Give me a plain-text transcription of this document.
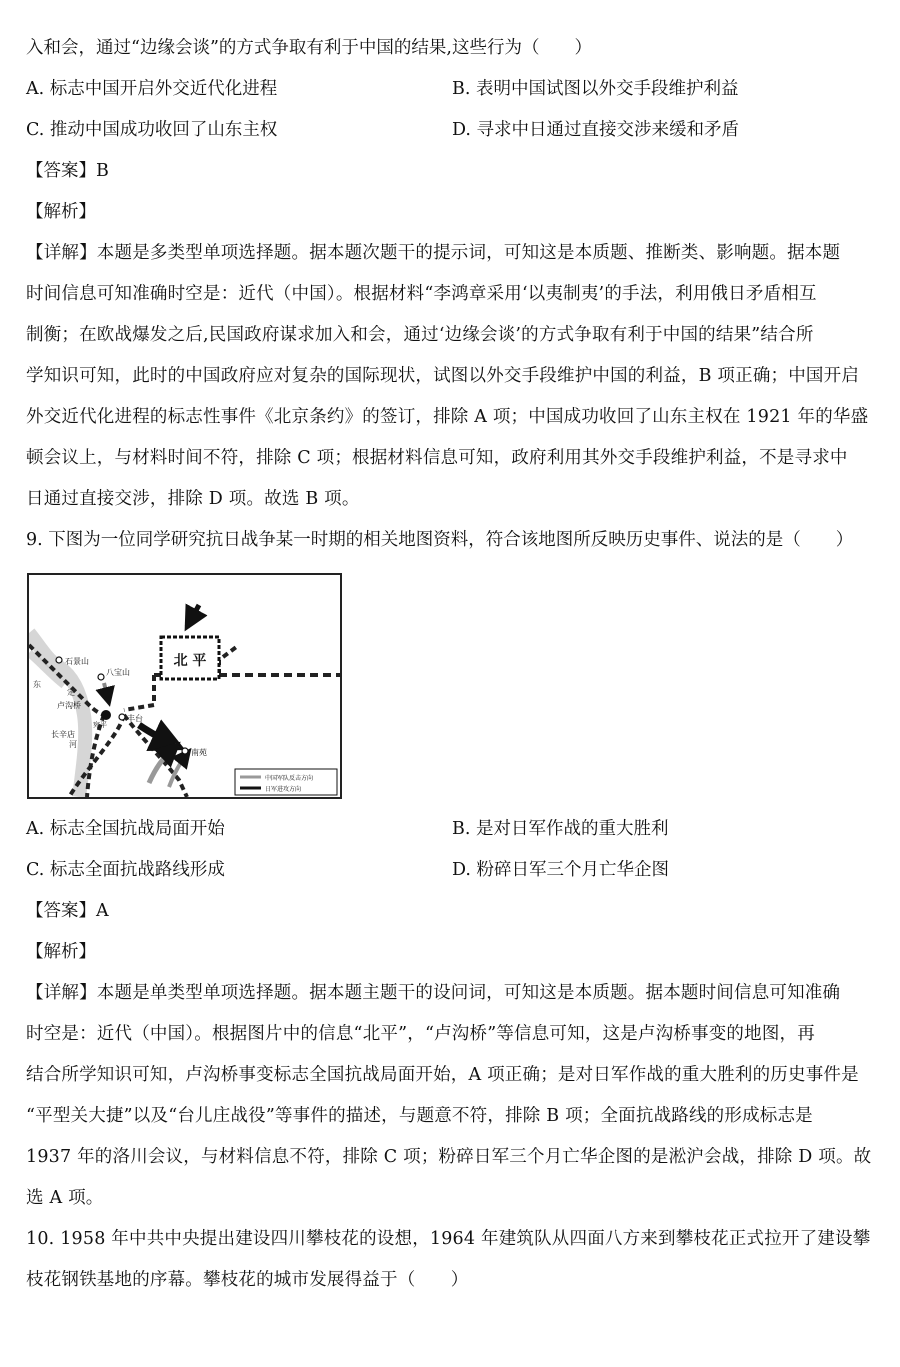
入和会，通过“边缘会谈”的方式争取有利于中国的结果,这些行为（　　）
A. 标志中国开启外交近代化进程	B. 表明中国试图以外交手段维护利益
C. 推动中国成功收回了山东主权	D. 寻求中日通过直接交涉来缓和矛盾
【答案】B
【解析】
【详解】本题是多类型单项选择题。据本题次题干的提示词，可知这是本质题、推断类、影响题。据本题
时间信息可知准确时空是：近代（中国）。根据材料“李鸿章采用‘以夷制夷’的手法，利用俄日矛盾相互
制衡；在欧战爆发之后,民国政府谋求加入和会，通过‘边缘会谈’的方式争取有利于中国的结果”结合所
学知识可知，此时的中国政府应对复杂的国际现状，试图以外交手段维护中国的利益，B 项正确；中国开启
外交近代化进程的标志性事件《北京条约》的签订，排除 A 项；中国成功收回了山东主权在 1921 年的华盛
顿会议上，与材料时间不符，排除 C 项；根据材料信息可知，政府利用其外交手段维护利益，不是寻求中
日通过直接交涉，排除 D 项。故选 B 项。
9. 下图为一位同学研究抗日战争某一时期的相关地图资料，符合该地图所反映历史事件、说法的是（　　）
北 平
石景山
八宝山
卢沟桥
宛平
丰台
长辛店
南苑
东
定
河
中国军队反击方向
日军进攻方向
A. 标志全国抗战局面开始	B. 是对日军作战的重大胜利
C. 标志全面抗战路线形成	D. 粉碎日军三个月亡华企图
【答案】A
【解析】
【详解】本题是单类型单项选择题。据本题主题干的设问词，可知这是本质题。据本题时间信息可知准确
时空是：近代（中国）。根据图片中的信息“北平”，“卢沟桥”等信息可知，这是卢沟桥事变的地图，再
结合所学知识可知，卢沟桥事变标志全国抗战局面开始，A 项正确；是对日军作战的重大胜利的历史事件是
“平型关大捷”以及“台儿庄战役”等事件的描述，与题意不符，排除 B 项；全面抗战路线的形成标志是
1937 年的洛川会议，与材料信息不符，排除 C 项；粉碎日军三个月亡华企图的是淞沪会战，排除 D 项。故
选 A 项。
10. 1958 年中共中央提出建设四川攀枝花的设想，1964 年建筑队从四面八方来到攀枝花正式拉开了建设攀
枝花钢铁基地的序幕。攀枝花的城市发展得益于（　　）
